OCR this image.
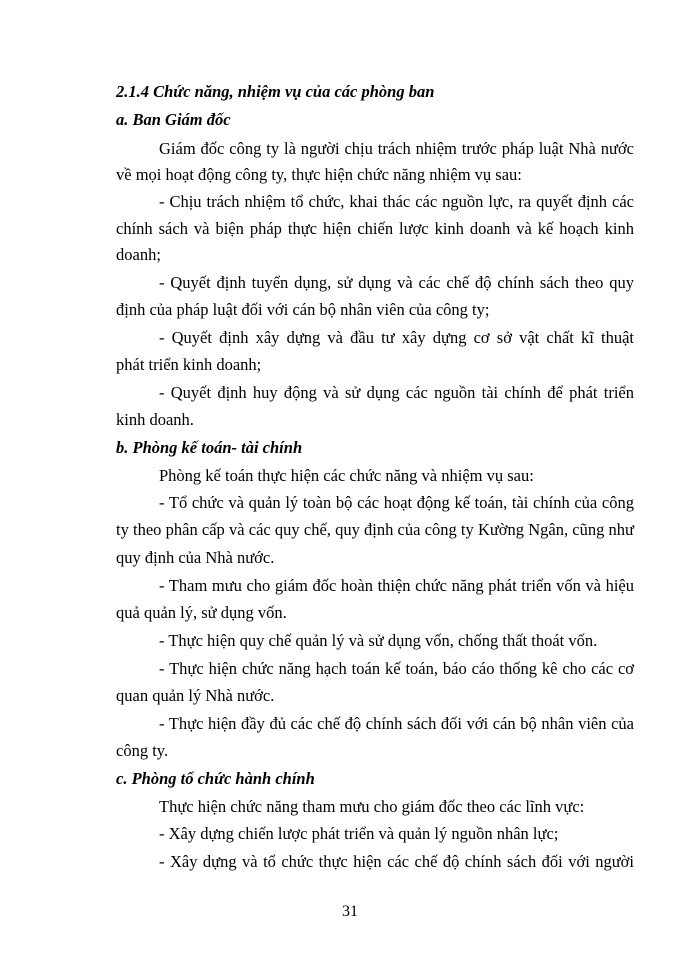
2.1.4 Chức năng, nhiệm vụ của các phòng ban
a. Ban Giám đốc
Giám đốc công ty là người chịu trách nhiệm trước pháp luật Nhà nước
về mọi hoạt động công ty, thực hiện chức năng nhiệm vụ sau:
- Chịu trách nhiệm tổ chức, khai thác các nguồn lực, ra quyết định các
chính sách và biện pháp thực hiện chiến lược kinh doanh và kế hoạch kinh
doanh;
- Quyết định tuyển dụng, sử dụng và các chế độ chính sách theo quy
định của pháp luật đối với cán bộ nhân viên của công ty;
- Quyết định xây dựng và đầu tư xây dựng cơ sở vật chất kĩ thuật
phát triển kinh doanh;
- Quyết định huy động và sử dụng các nguồn tài chính để phát triển
kinh doanh.
b. Phòng kế toán- tài chính
Phòng kế toán thực hiện các chức năng và nhiệm vụ sau:
- Tổ chức và quản lý toàn bộ các hoạt động kế toán, tài chính của công
ty theo phân cấp và các quy chế, quy định của công ty Kường Ngân, cũng như
quy định của Nhà nước.
- Tham mưu cho giám đốc hoàn thiện chức năng phát triển vốn và hiệu
quả quản lý, sử dụng vốn.
- Thực hiện quy chế quản lý và sử dụng vốn, chống thất thoát vốn.
- Thực hiện chức năng hạch toán kế toán, báo cáo thống kê cho các cơ
quan quản lý Nhà nước.
- Thực hiện đầy đủ các chế độ chính sách đối với cán bộ nhân viên của
công ty.
c. Phòng tổ chức hành chính
Thực hiện chức năng tham mưu cho giám đốc theo các lĩnh vực:
- Xây dựng chiến lược phát triển và quản lý nguồn nhân lực;
- Xây dựng và tổ chức thực hiện các chế độ chính sách đối với người
31
